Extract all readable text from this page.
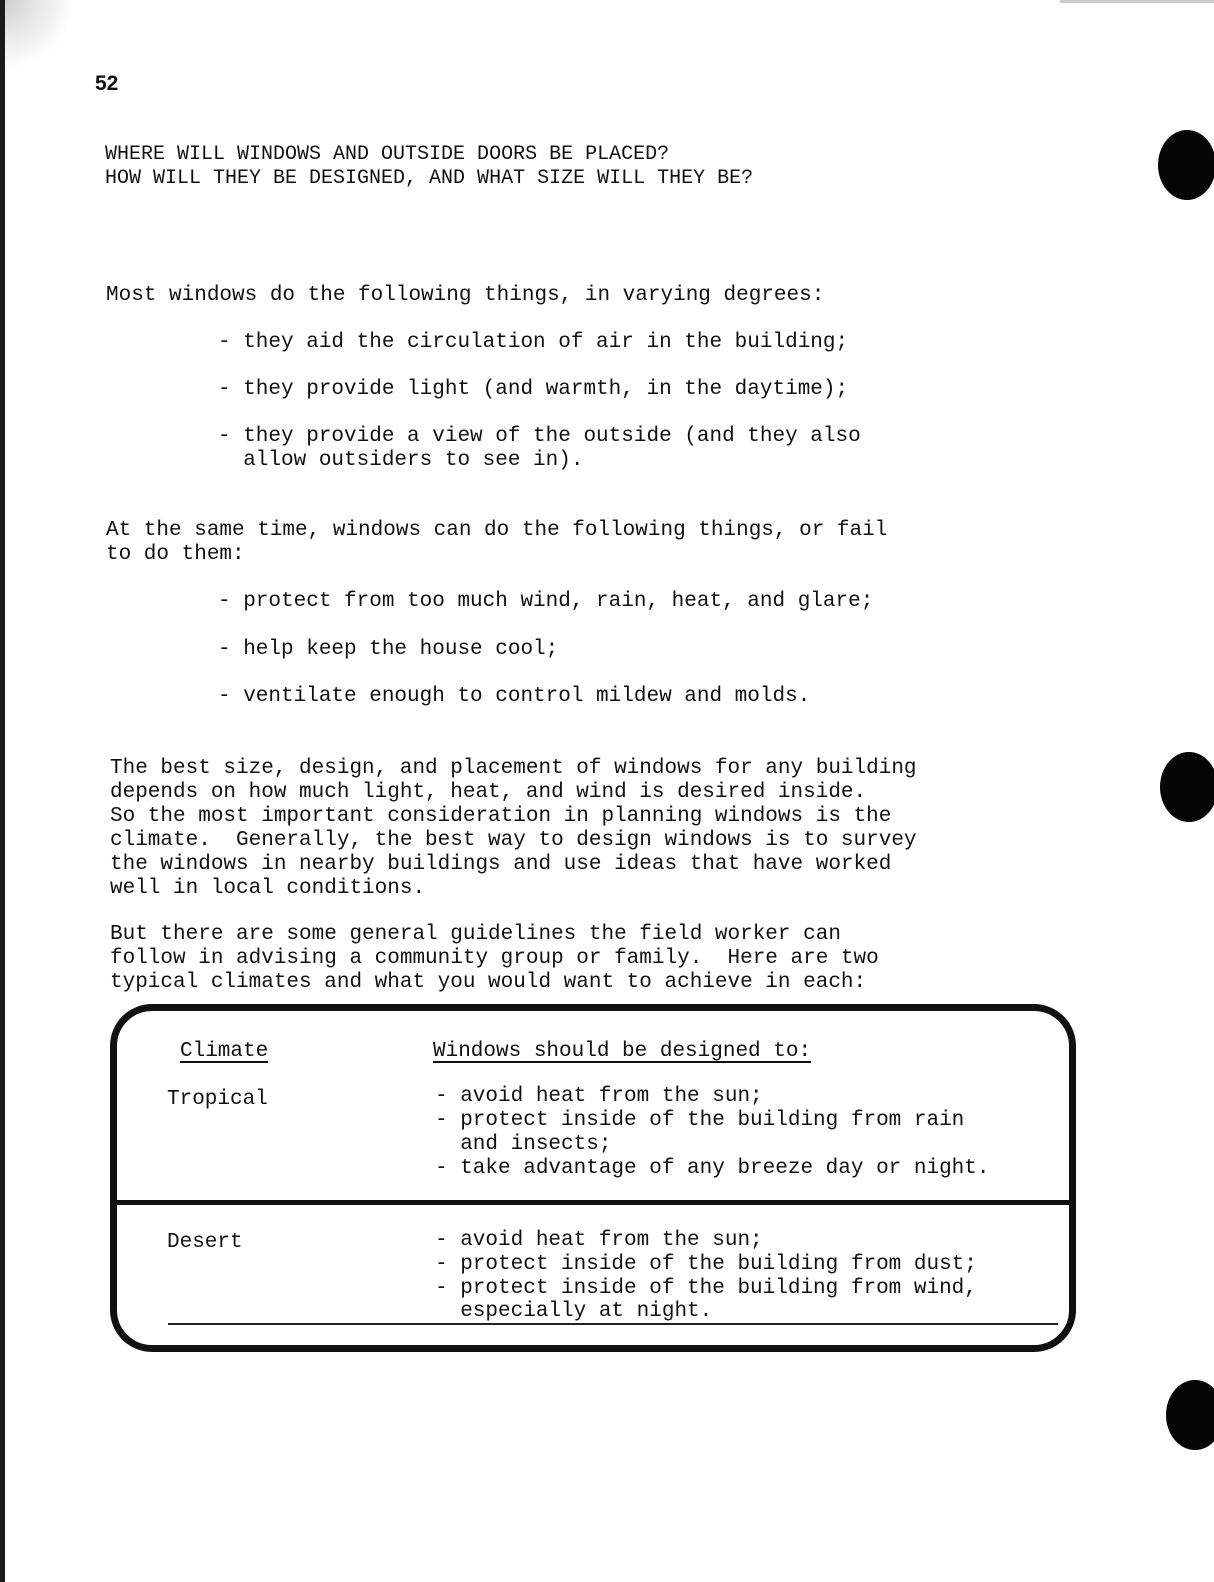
52
WHERE WILL WINDOWS AND OUTSIDE DOORS BE PLACED?
HOW WILL THEY BE DESIGNED, AND WHAT SIZE WILL THEY BE?
Most windows do the following things, in varying degrees:
- they aid the circulation of air in the building;
- they provide light (and warmth, in the daytime);
- they provide a view of the outside (and they also
allow outsiders to see in).
At the same time, windows can do the following things, or fail
to do them:
- protect from too much wind, rain, heat, and glare;
- help keep the house cool;
- ventilate enough to control mildew and molds.
The best size, design, and placement of windows for any building
depends on how much light, heat, and wind is desired inside.
So the most important consideration in planning windows is the
climate.  Generally, the best way to design windows is to survey
the windows in nearby buildings and use ideas that have worked
well in local conditions.
But there are some general guidelines the field worker can
follow in advising a community group or family.  Here are two
typical climates and what you would want to achieve in each:
Climate	Windows should be designed to:
Tropical	- avoid heat from the sun;
- protect inside of the building from rain
and insects;
- take advantage of any breeze day or night.
Desert	- avoid heat from the sun;
- protect inside of the building from dust;
- protect inside of the building from wind,
especially at night.
